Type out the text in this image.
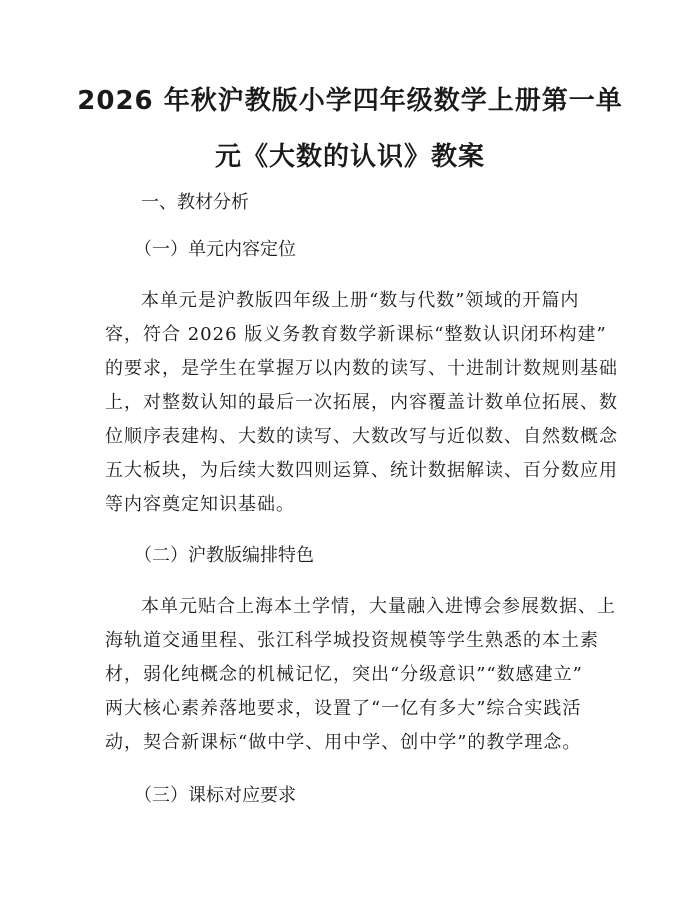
2026 年秋沪教版小学四年级数学上册第一单
元《大数的认识》教案
一、教材分析
（一）单元内容定位
本单元是沪教版四年级上册“数与代数”领域的开篇内
容，符合 2026 版义务教育数学新课标“整数认识闭环构建”
的要求，是学生在掌握万以内数的读写、十进制计数规则基础
上，对整数认知的最后一次拓展，内容覆盖计数单位拓展、数
位顺序表建构、大数的读写、大数改写与近似数、自然数概念
五大板块，为后续大数四则运算、统计数据解读、百分数应用
等内容奠定知识基础。
（二）沪教版编排特色
本单元贴合上海本土学情，大量融入进博会参展数据、上
海轨道交通里程、张江科学城投资规模等学生熟悉的本土素
材，弱化纯概念的机械记忆，突出“分级意识”“数感建立”
两大核心素养落地要求，设置了“一亿有多大”综合实践活
动，契合新课标“做中学、用中学、创中学”的教学理念。
（三）课标对应要求
